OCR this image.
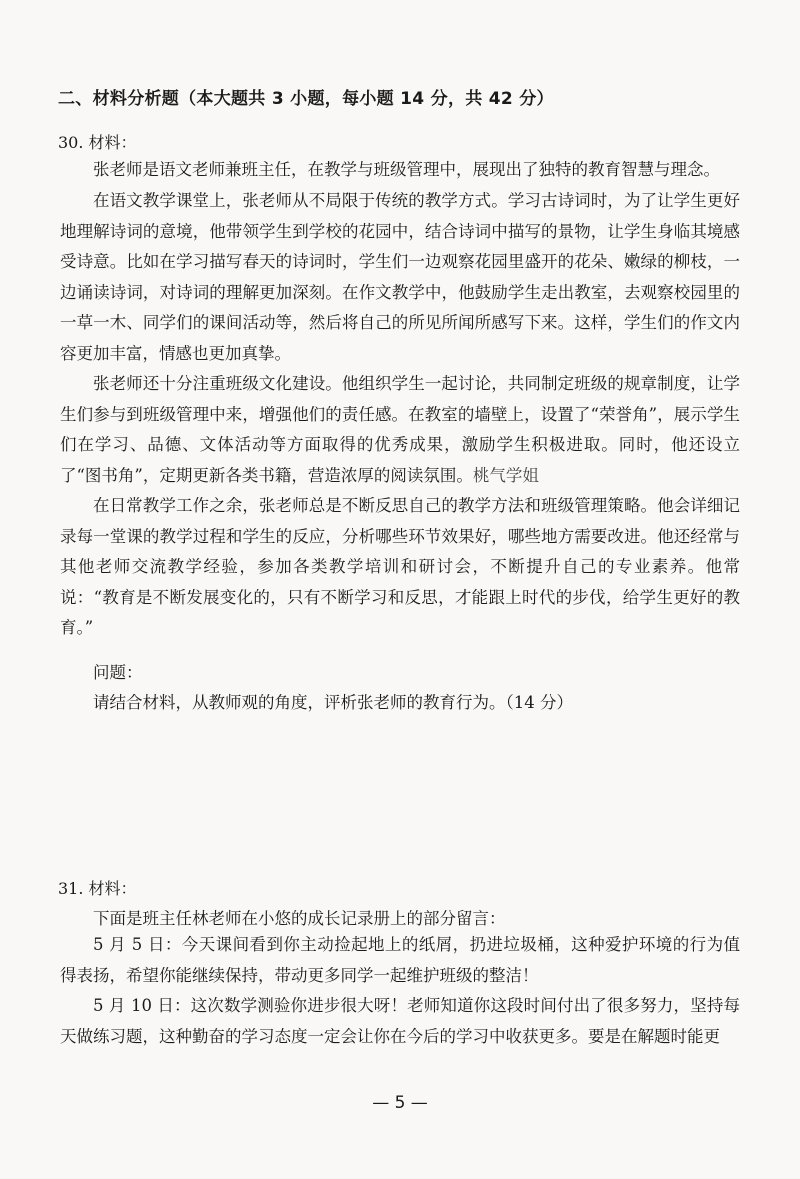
二、材料分析题（本大题共 3 小题，每小题 14 分，共 42 分）
30. 材料：

张老师是语文老师兼班主任，在教学与班级管理中，展现出了独特的教育智慧与理念。

在语文教学课堂上，张老师从不局限于传统的教学方式。学习古诗词时，为了让学生更好地理解诗词的意境，他带领学生到学校的花园中，结合诗词中描写的景物，让学生身临其境感受诗意。比如在学习描写春天的诗词时，学生们一边观察花园里盛开的花朵、嫩绿的柳枝，一边诵读诗词，对诗词的理解更加深刻。在作文教学中，他鼓励学生走出教室，去观察校园里的一草一木、同学们的课间活动等，然后将自己的所见所闻所感写下来。这样，学生们的作文内容更加丰富，情感也更加真挚。

张老师还十分注重班级文化建设。他组织学生一起讨论，共同制定班级的规章制度，让学生们参与到班级管理中来，增强他们的责任感。在教室的墙壁上，设置了“荣誉角”，展示学生们在学习、品德、文体活动等方面取得的优秀成果，激励学生积极进取。同时，他还设立了“图书角”，定期更新各类书籍，营造浓厚的阅读氛围。桃气学姐

在日常教学工作之余，张老师总是不断反思自己的教学方法和班级管理策略。他会详细记录每一堂课的教学过程和学生的反应，分析哪些环节效果好，哪些地方需要改进。他还经常与其他老师交流教学经验，参加各类教学培训和研讨会，不断提升自己的专业素养。他常说：“教育是不断发展变化的，只有不断学习和反思，才能跟上时代的步伐，给学生更好的教育。”

问题：
请结合材料，从教师观的角度，评析张老师的教育行为。（14 分）
31. 材料：
下面是班主任林老师在小悠的成长记录册上的部分留言：

5 月 5 日：今天课间看到你主动捡起地上的纸屑，扔进垃圾桶，这种爱护环境的行为值得表扬，希望你能继续保持，带动更多同学一起维护班级的整洁！

5 月 10 日：这次数学测验你进步很大呀！老师知道你这段时间付出了很多努力，坚持每天做练习题，这种勤奋的学习态度一定会让你在今后的学习中收获更多。要是在解题时能更

— 5 —
